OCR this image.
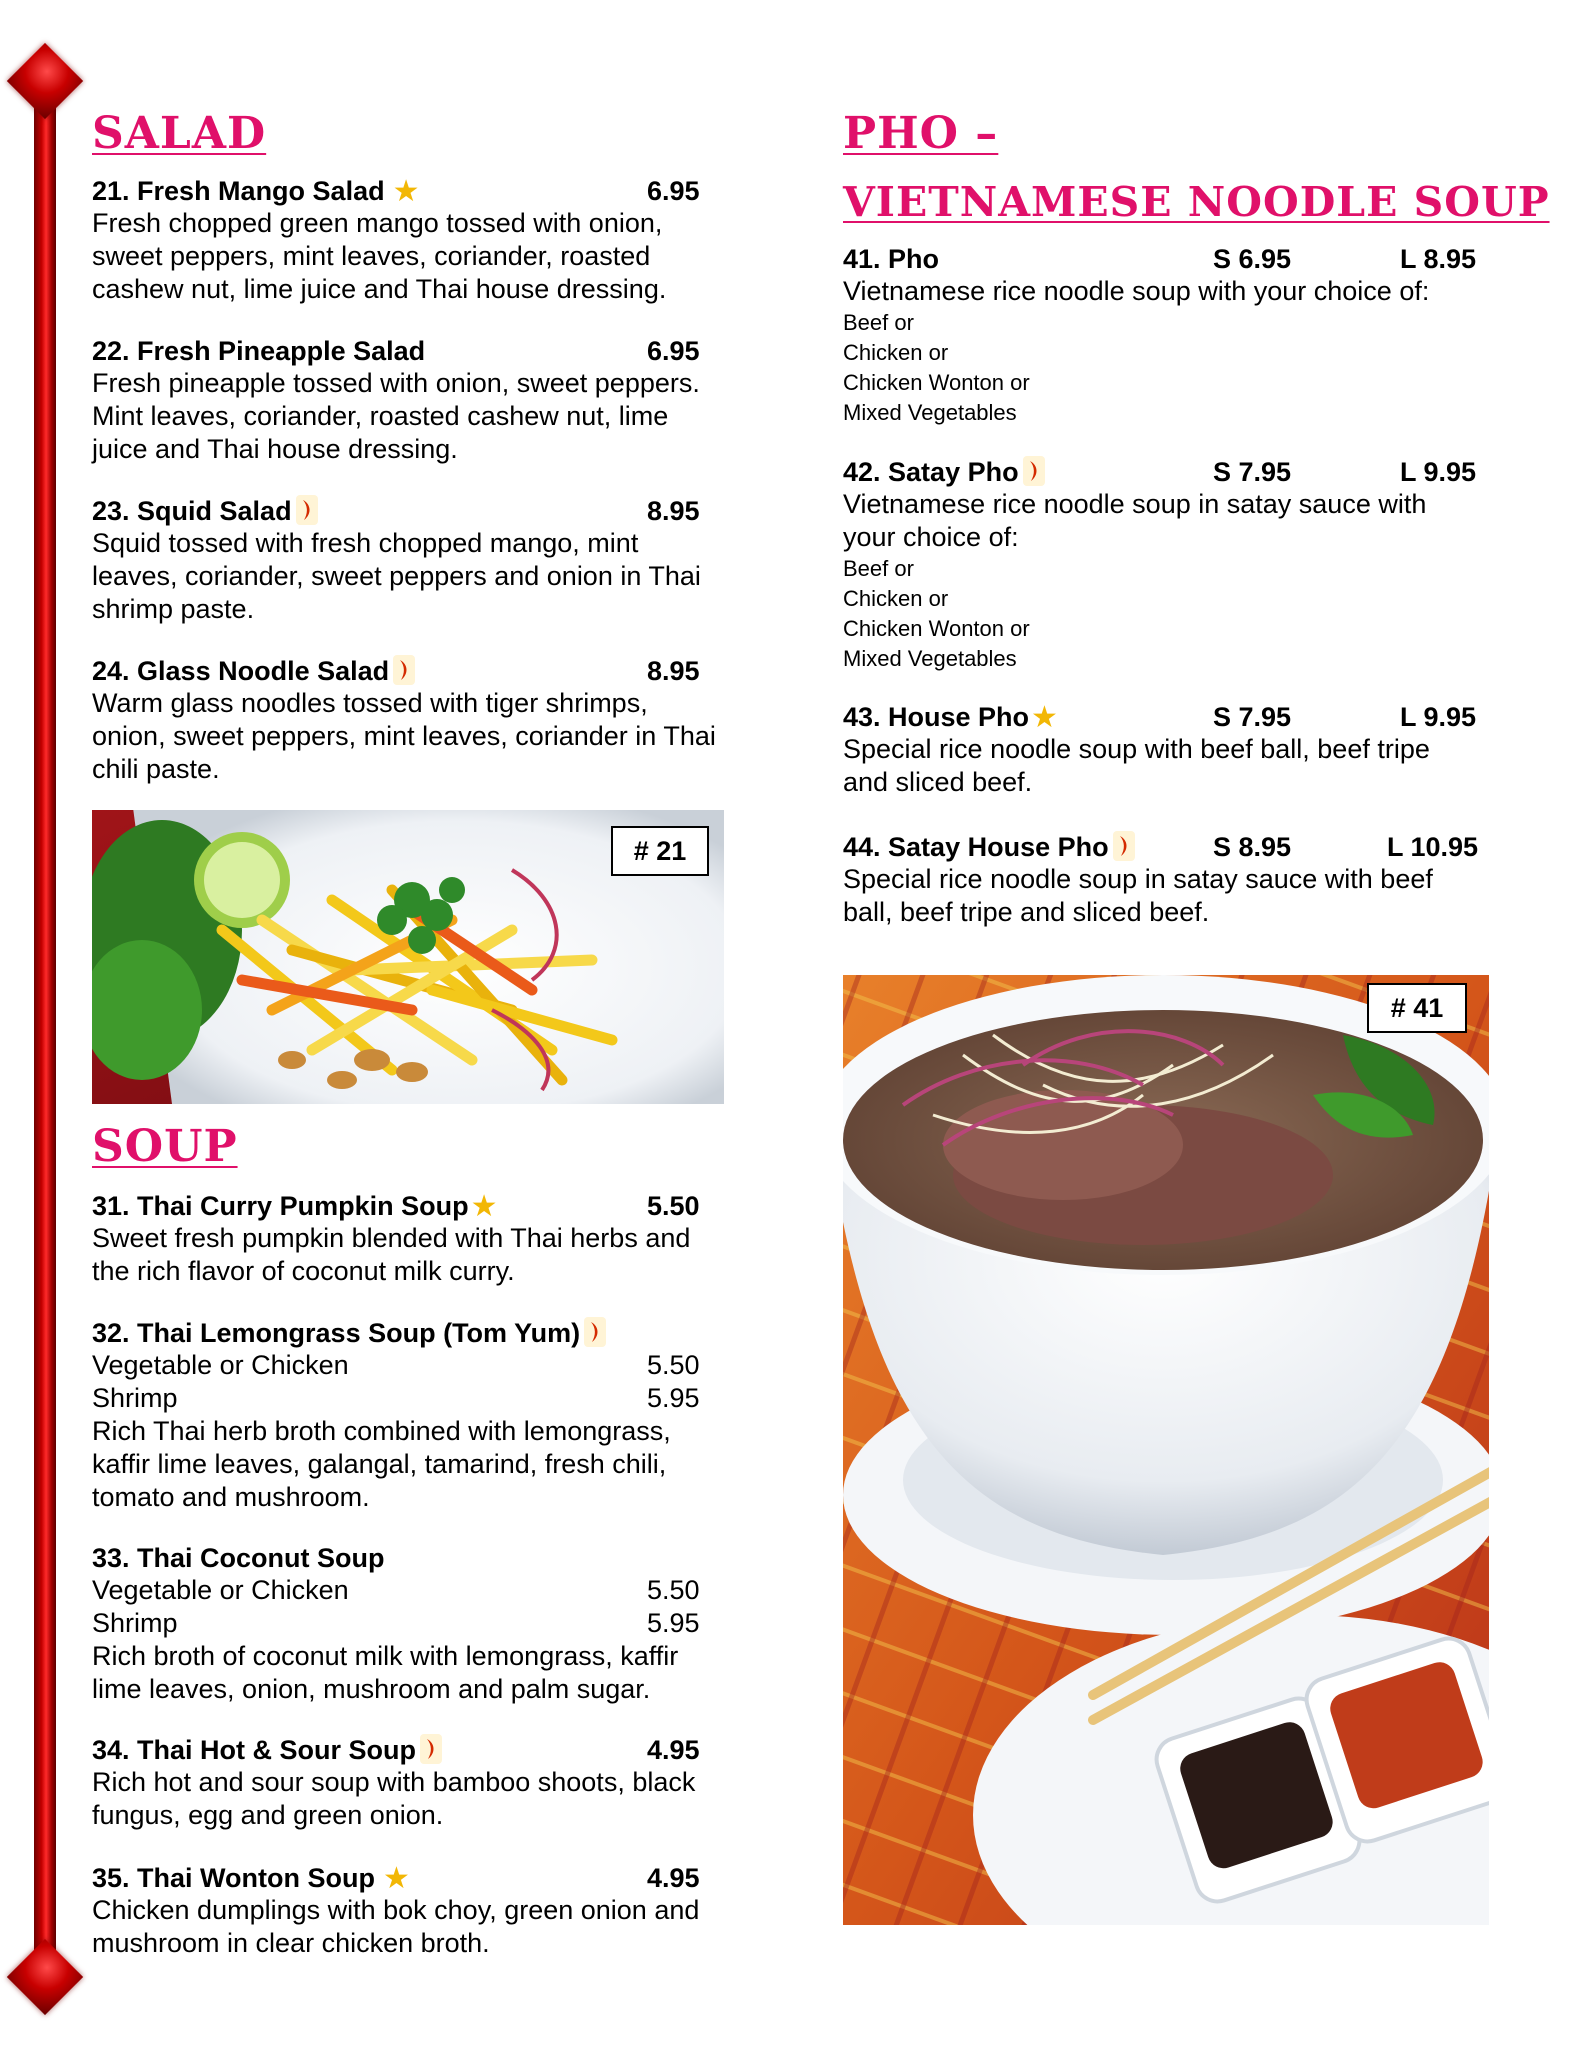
SALAD
21. Fresh Mango Salad ★	6.95
Fresh chopped green mango tossed with onion,
sweet peppers, mint leaves, coriander, roasted
cashew nut, lime juice and Thai house dressing.
22. Fresh Pineapple Salad	6.95
Fresh pineapple tossed with onion, sweet peppers.
Mint leaves, coriander, roasted cashew nut, lime
juice and Thai house dressing.
23. Squid Salad	8.95
Squid tossed with fresh chopped mango, mint
leaves, coriander, sweet peppers and onion in Thai
shrimp paste.
24. Glass Noodle Salad	8.95
Warm glass noodles tossed with tiger shrimps,
onion, sweet peppers, mint leaves, coriander in Thai
chili paste.
# 21
SOUP
31. Thai Curry Pumpkin Soup★	5.50
Sweet fresh pumpkin blended with Thai herbs and
the rich flavor of coconut milk curry.
32. Thai Lemongrass Soup (Tom Yum)
Vegetable or Chicken	5.50
Shrimp	5.95
Rich Thai herb broth combined with lemongrass,
kaffir lime leaves, galangal, tamarind, fresh chili,
tomato and mushroom.
33. Thai Coconut Soup
Vegetable or Chicken	5.50
Shrimp	5.95
Rich broth of coconut milk with lemongrass, kaffir
lime leaves, onion, mushroom and palm sugar.
34. Thai Hot & Sour Soup	4.95
Rich hot and sour soup with bamboo shoots, black
fungus, egg and green onion.
35. Thai Wonton Soup ★	4.95
Chicken dumplings with bok choy, green onion and
mushroom in clear chicken broth.
PHO –
VIETNAMESE NOODLE SOUP
41. Pho	S 6.95	L 8.95
Vietnamese rice noodle soup with your choice of:
Beef or
Chicken or
Chicken Wonton or
Mixed Vegetables
42. Satay Pho	S 7.95	L 9.95
Vietnamese rice noodle soup in satay sauce with
your choice of:
Beef or
Chicken or
Chicken Wonton or
Mixed Vegetables
43. House Pho★	S 7.95	L 9.95
Special rice noodle soup with beef ball, beef tripe
and sliced beef.
44. Satay House Pho	S 8.95	L 10.95
Special rice noodle soup in satay sauce with beef
ball, beef tripe and sliced beef.
# 41
